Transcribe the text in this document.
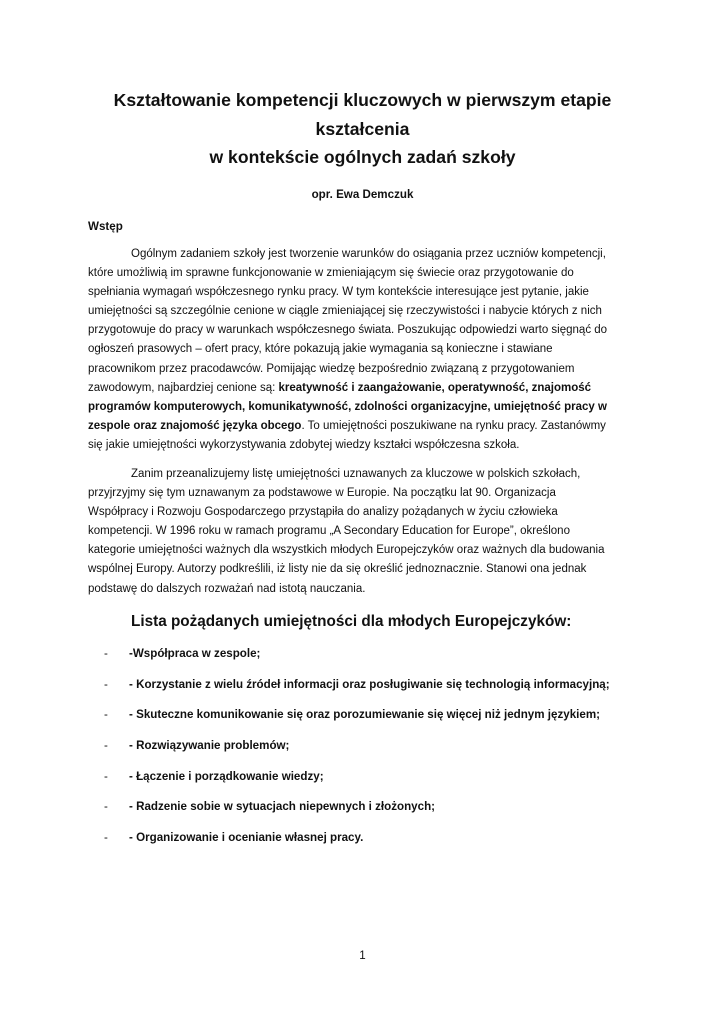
Kształtowanie kompetencji kluczowych w pierwszym etapie
kształcenia
w kontekście ogólnych zadań szkoły
opr. Ewa Demczuk
Wstęp
Ogólnym zadaniem szkoły jest tworzenie warunków do osiągania przez uczniów kompetencji,
które umożliwią im sprawne funkcjonowanie w zmieniającym się świecie oraz przygotowanie do
spełniania wymagań współczesnego rynku pracy. W tym kontekście interesujące jest pytanie, jakie
umiejętności są szczególnie cenione w ciągle zmieniającej się rzeczywistości i nabycie których z nich
przygotowuje do pracy w warunkach współczesnego świata. Poszukując odpowiedzi warto sięgnąć do
ogłoszeń prasowych – ofert pracy, które pokazują jakie wymagania są konieczne i stawiane
pracownikom przez pracodawców. Pomijając wiedzę bezpośrednio związaną z przygotowaniem
zawodowym, najbardziej cenione są: kreatywność i zaangażowanie, operatywność, znajomość
programów komputerowych, komunikatywność, zdolności organizacyjne, umiejętność pracy w
zespole oraz znajomość języka obcego. To umiejętności poszukiwane na rynku pracy. Zastanówmy
się jakie umiejętności wykorzystywania zdobytej wiedzy kształci współczesna szkoła.
Zanim przeanalizujemy listę umiejętności uznawanych za kluczowe w polskich szkołach,
przyjrzyjmy się tym uznawanym za podstawowe w Europie. Na początku lat 90. Organizacja
Współpracy i Rozwoju Gospodarczego przystąpiła do analizy pożądanych w życiu człowieka
kompetencji. W 1996 roku w ramach programu „A Secondary Education for Europe”, określono
kategorie umiejętności ważnych dla wszystkich młodych Europejczyków oraz ważnych dla budowania
wspólnej Europy. Autorzy podkreślili, iż listy nie da się określić jednoznacznie. Stanowi ona jednak
podstawę do dalszych rozważań nad istotą nauczania.
Lista pożądanych umiejętności dla młodych Europejczyków:
- -Współpraca w zespole;
- - Korzystanie z wielu źródeł informacji oraz posługiwanie się technologią informacyjną;
- - Skuteczne komunikowanie się oraz porozumiewanie się więcej niż jednym językiem;
- - Rozwiązywanie problemów;
- - Łączenie i porządkowanie wiedzy;
- - Radzenie sobie w sytuacjach niepewnych i złożonych;
- - Organizowanie i ocenianie własnej pracy.
1
